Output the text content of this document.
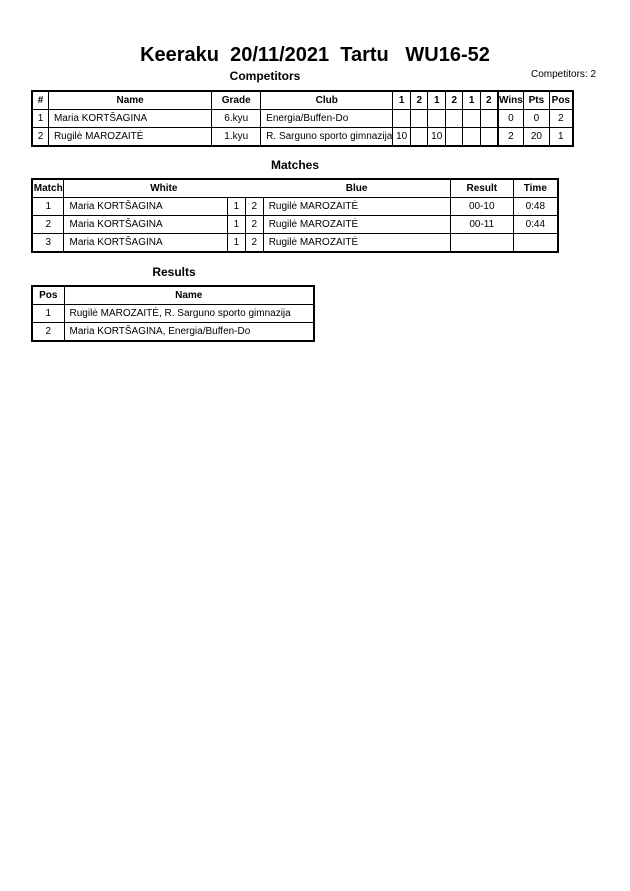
Keeraku  20/11/2021  Tartu   WU16-52
Competitors	Competitors: 2
#	Name	Grade	Club	1	2	1	2	1	2	Wins	Pts	Pos
1	Maria KORTŠAGINA	6.kyu	Energia/Buffen-Do							0	0	2
2	Rugilė MAROZAITĖ	1.kyu	R. Sarguno sporto gimnazija	10		10				2	20	1
Matches
Match	White			Blue	Result	Time
1	Maria KORTŠAGINA	1	2	Rugilė MAROZAITĖ	00-10	0:48
2	Maria KORTŠAGINA	1	2	Rugilė MAROZAITĖ	00-11	0:44
3	Maria KORTŠAGINA	1	2	Rugilė MAROZAITĖ		
Results
Pos	Name
1	Rugilė MAROZAITĖ, R. Sarguno sporto gimnazija
2	Maria KORTŠAGINA, Energia/Buffen-Do
